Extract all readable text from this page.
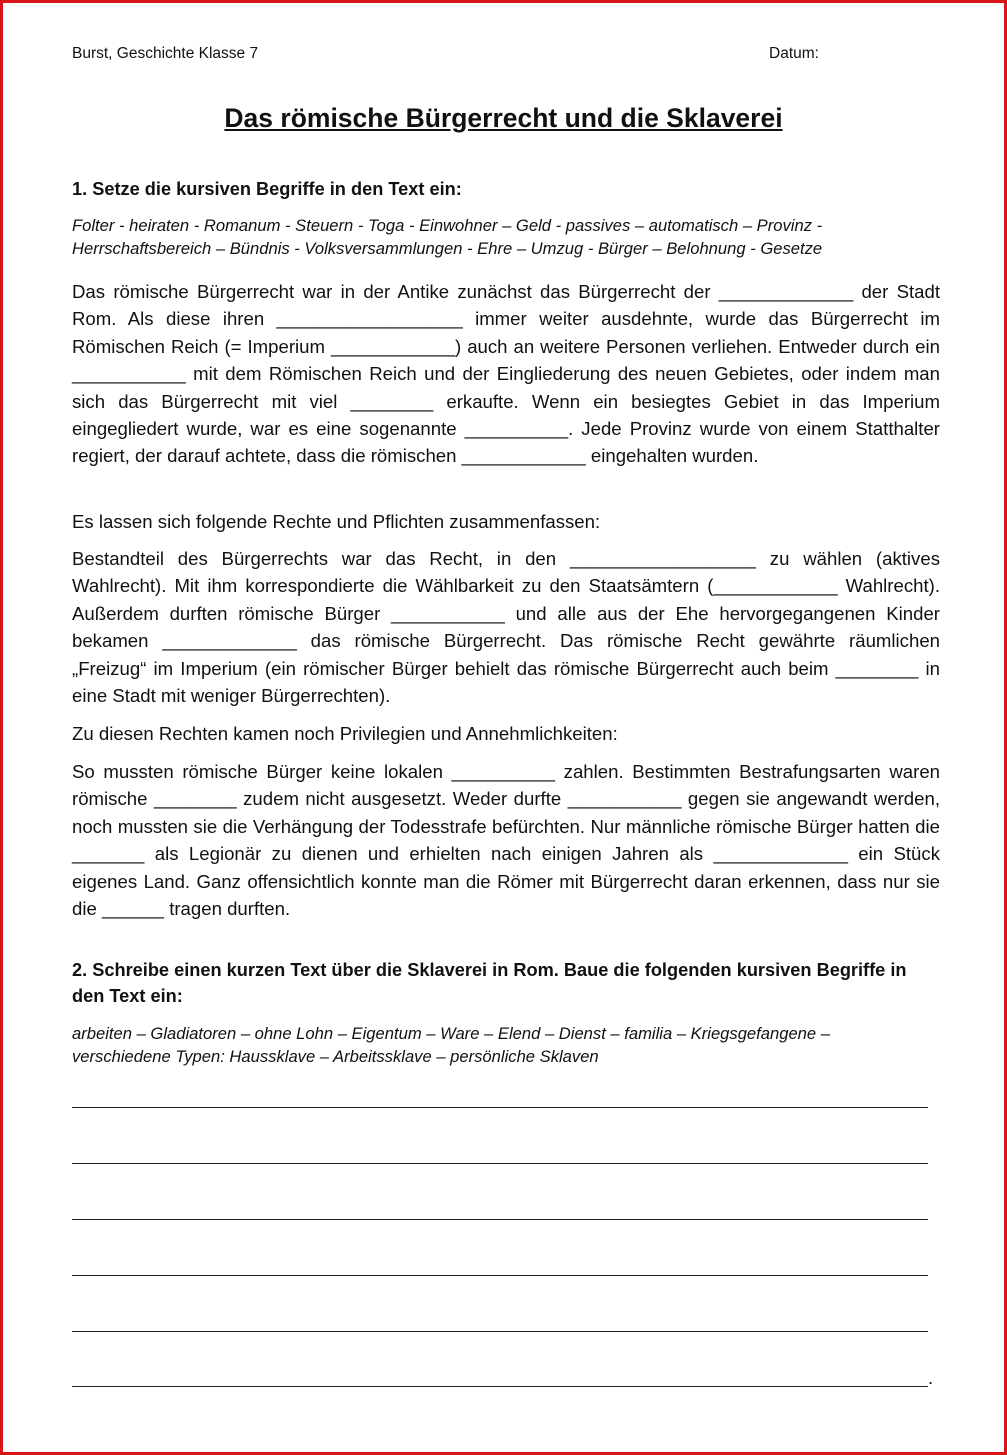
Burst, Geschichte Klasse 7	Datum:
Das römische Bürgerrecht und die Sklaverei
1. Setze die kursiven Begriffe in den Text ein:
Folter - heiraten - Romanum - Steuern - Toga - Einwohner – Geld - passives – automatisch – Provinz -
Herrschaftsbereich – Bündnis - Volksversammlungen - Ehre – Umzug - Bürger – Belohnung - Gesetze

Das römische Bürgerrecht war in der Antike zunächst das Bürgerrecht der _____________ der Stadt Rom. Als diese ihren __________________ immer weiter ausdehnte, wurde das Bürgerrecht im Römischen Reich (= Imperium ____________) auch an weitere Personen verliehen. Entweder durch ein ___________ mit dem Römischen Reich und der Eingliederung des neuen Gebietes, oder indem man sich das Bürgerrecht mit viel ________ erkaufte. Wenn ein besiegtes Gebiet in das Imperium eingegliedert wurde, war es eine sogenannte __________. Jede Provinz wurde von einem Statthalter regiert, der darauf achtete, dass die römischen ____________ eingehalten wurden.

Es lassen sich folgende Rechte und Pflichten zusammenfassen:

Bestandteil des Bürgerrechts war das Recht, in den __________________ zu wählen (aktives Wahlrecht). Mit ihm korrespondierte die Wählbarkeit zu den Staatsämtern (____________ Wahlrecht). Außerdem durften römische Bürger ___________ und alle aus der Ehe hervorgegangenen Kinder bekamen _____________ das römische Bürgerrecht. Das römische Recht gewährte räumlichen „Freizug“ im Imperium (ein römischer Bürger behielt das römische Bürgerrecht auch beim ________ in eine Stadt mit weniger Bürgerrechten).

Zu diesen Rechten kamen noch Privilegien und Annehmlichkeiten:

So mussten römische Bürger keine lokalen __________ zahlen. Bestimmten Bestrafungsarten waren römische ________ zudem nicht ausgesetzt. Weder durfte ___________ gegen sie angewandt werden, noch mussten sie die Verhängung der Todesstrafe befürchten. Nur männliche römische Bürger hatten die _______ als Legionär zu dienen und erhielten nach einigen Jahren als _____________ ein Stück eigenes Land. Ganz offensichtlich konnte man die Römer mit Bürgerrecht daran erkennen, dass nur sie die ______ tragen durften.

2. Schreibe einen kurzen Text über die Sklaverei in Rom. Baue die folgenden kursiven Begriffe in den Text ein:
arbeiten – Gladiatoren – ohne Lohn – Eigentum – Ware – Elend – Dienst – familia – Kriegsgefangene –
verschiedene Typen: Haussklave – Arbeitssklave – persönliche Sklaven
.
